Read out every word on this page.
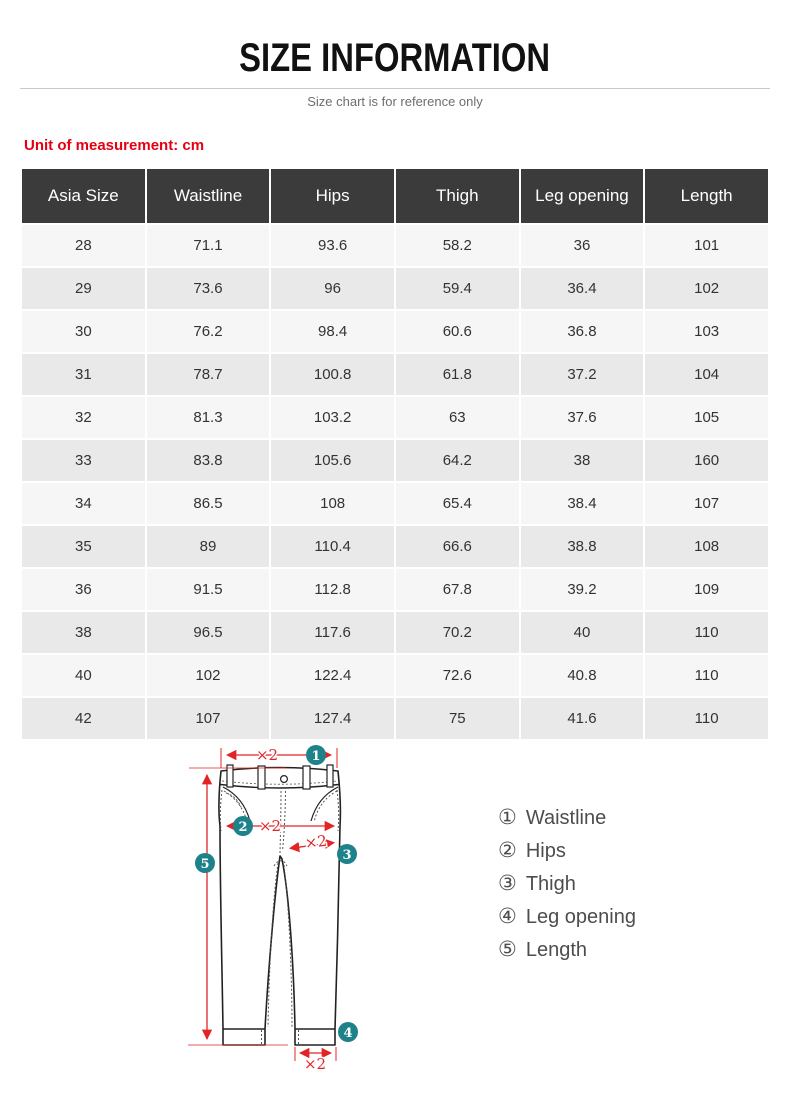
SIZE INFORMATION
Size chart is for reference only
Unit of measurement: cm
Asia Size	Waistline	Hips	Thigh	Leg opening	Length
28	71.1	93.6	58.2	36	101
29	73.6	96	59.4	36.4	102
30	76.2	98.4	60.6	36.8	103
31	78.7	100.8	61.8	37.2	104
32	81.3	103.2	63	37.6	105
33	83.8	105.6	64.2	38	160
34	86.5	108	65.4	38.4	107
35	89	110.4	66.6	38.8	108
36	91.5	112.8	67.8	39.2	109
38	96.5	117.6	70.2	40	110
40	102	122.4	72.6	40.8	110
42	107	127.4	75	41.6	110
×2
×2
×2
×2
1
2
3
4
5
① Waistline
② Hips
③ Thigh
④ Leg opening
⑤ Length
